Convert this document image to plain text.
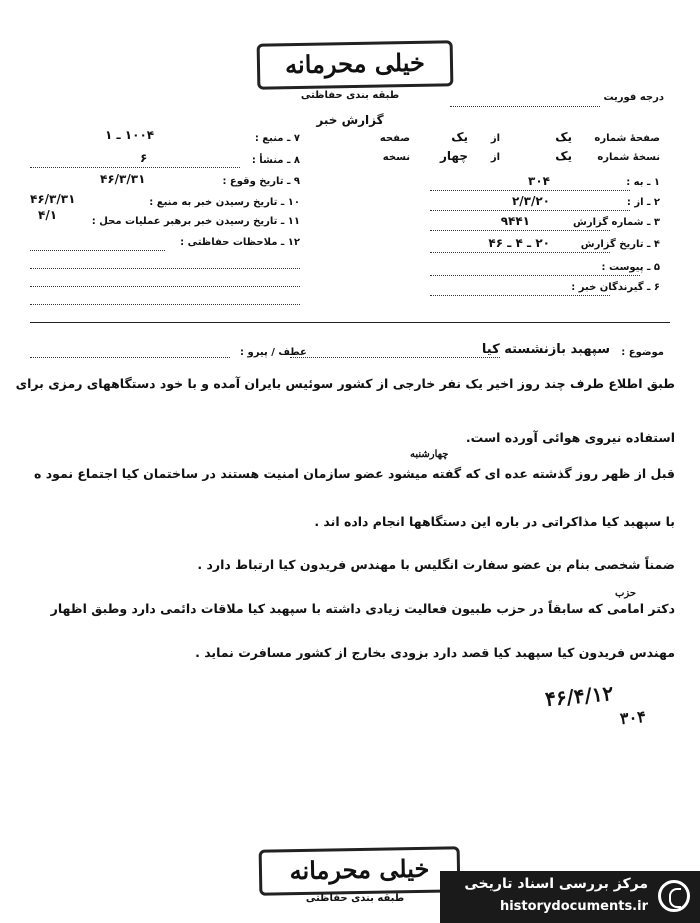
خیلی محرمانه
طبقه بندی حفاظتی	درجه فوریت
گزارش خبر
صفحهٔ شماره
یک
از
یک
صفحه
نسخهٔ شماره
یک
از
چهار
نسخه
۱ ـ به :
۳۰۴
۲ ـ از :
۲/۳/۲۰
۳ ـ شماره گزارش
۹۴۴۱
۴ ـ تاریخ گزارش
۲۰ ـ ۴ ـ ۴۶
۵ ـ پیوست :
۶ ـ گیرندگان خبر :
۷ ـ منبع :
۱۰۰۴ ـ ۱
۸ ـ منشأ :
۶
۹ ـ تاریخ وقوع :
۴۶/۳/۳۱
۱۰ ـ تاریخ رسیدن خبر به منبع :
۴۶/۳/۳۱
۱۱ ـ تاریخ رسیدن خبر برهبر عملیات محل :
۴/۱
۱۲ ـ ملاحظات حفاظتی :
موضوع :
سپهبد بازنشسته کیا
عطف / پیرو :
طبق اطلاع طرف چند روز اخیر یک نفر خارجی از کشور سوئیس بایران آمده و با خود دستگاههای رمزی برای
استفاده نیروی هوائی آورده است.
چهارشنبه
قبل از ظهر روز گذشته عده ای که گفته میشود عضو سازمان امنیت هستند در ساختمان کیا اجتماع نمود ه
با سپهبد کیا مذاکراتی در باره این دستگاهها انجام داده اند .
ضمناً شخصی بنام بن عضو سفارت انگلیس با مهندس فریدون کیا ارتباط دارد .
حزب
دکتر امامی که سابقاً در حزب طبیون فعالیت زیادی داشته با سپهبد کیا ملاقات دائمی دارد وطبق اظهار
مهندس فریدون کیا سپهبد کیا قصد دارد بزودی بخارج از کشور مسافرت نماید .
۴۶/۴/۱۲
۳۰۴
خیلی محرمانه
طبقه بندی حفاظتی
مرکز بررسی اسناد تاریخی
historydocuments.ir
